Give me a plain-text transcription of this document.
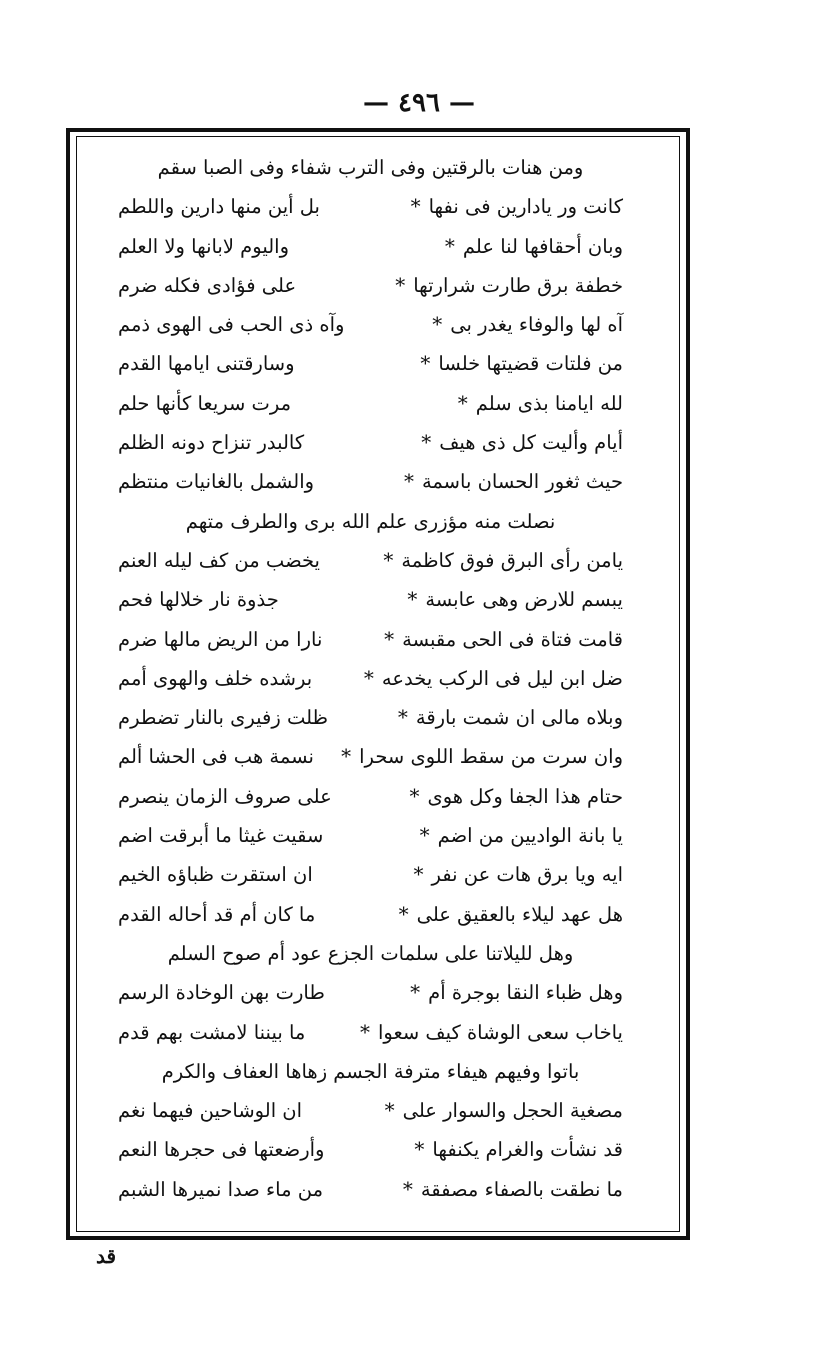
— ٤٩٦ —
ومن هنات بالرقتين وفى الترب شفاء وفى الصبا سقم
كانت ور يادارين فى نفها
*
بل أين منها دارين واللطم
وبان أحقافها لنا علم
*
واليوم لابانها ولا العلم
خطفة برق طارت شرارتها
*
على فؤادى فكله ضرم
آه لها والوفاء يغدر بى
*
وآه ذى الحب فى الهوى ذمم
من فلتات قضيتها خلسا
*
وسارقتنى ايامها القدم
لله ايامنا بذى سلم
*
مرت سريعا كأنها حلم
أيام وأليت كل ذى هيف
*
كالبدر تنزاح دونه الظلم
حيث ثغور الحسان باسمة
*
والشمل بالغانيات منتظم
نصلت منه مؤزرى علم الله برى والطرف متهم
يامن رأى البرق فوق كاظمة
*
يخضب من كف ليله العنم
يبسم للارض وهى عابسة
*
جذوة نار خلالها فحم
قامت فتاة فى الحى مقبسة
*
نارا من الريض مالها ضرم
ضل ابن ليل فى الركب يخدعه
*
برشده خلف والهوى أمم
وبلاه مالى ان شمت بارقة
*
ظلت زفيرى بالنار تضطرم
وان سرت من سقط اللوى سحرا
*
نسمة هب فى الحشا ألم
حتام هذا الجفا وكل هوى
*
على صروف الزمان ينصرم
يا بانة الواديين من اضم
*
سقيت غيثا ما أبرقت اضم
ايه ويا برق هات عن نفر
*
ان استقرت ظباؤه الخيم
هل عهد ليلاء بالعقيق على
*
ما كان أم قد أحاله القدم
وهل لليلاتنا على سلمات الجزع عود أم صوح السلم
وهل ظباء النقا بوجرة أم
*
طارت بهن الوخادة الرسم
ياخاب سعى الوشاة كيف سعوا
*
ما بيننا لامشت بهم قدم
باتوا وفيهم هيفاء مترفة الجسم زهاها العفاف والكرم
مصغية الحجل والسوار على
*
ان الوشاحين فيهما نغم
قد نشأت والغرام يكنفها
*
وأرضعتها فى حجرها النعم
ما نطقت بالصفاء مصفقة
*
من ماء صدا نميرها الشبم
قد
